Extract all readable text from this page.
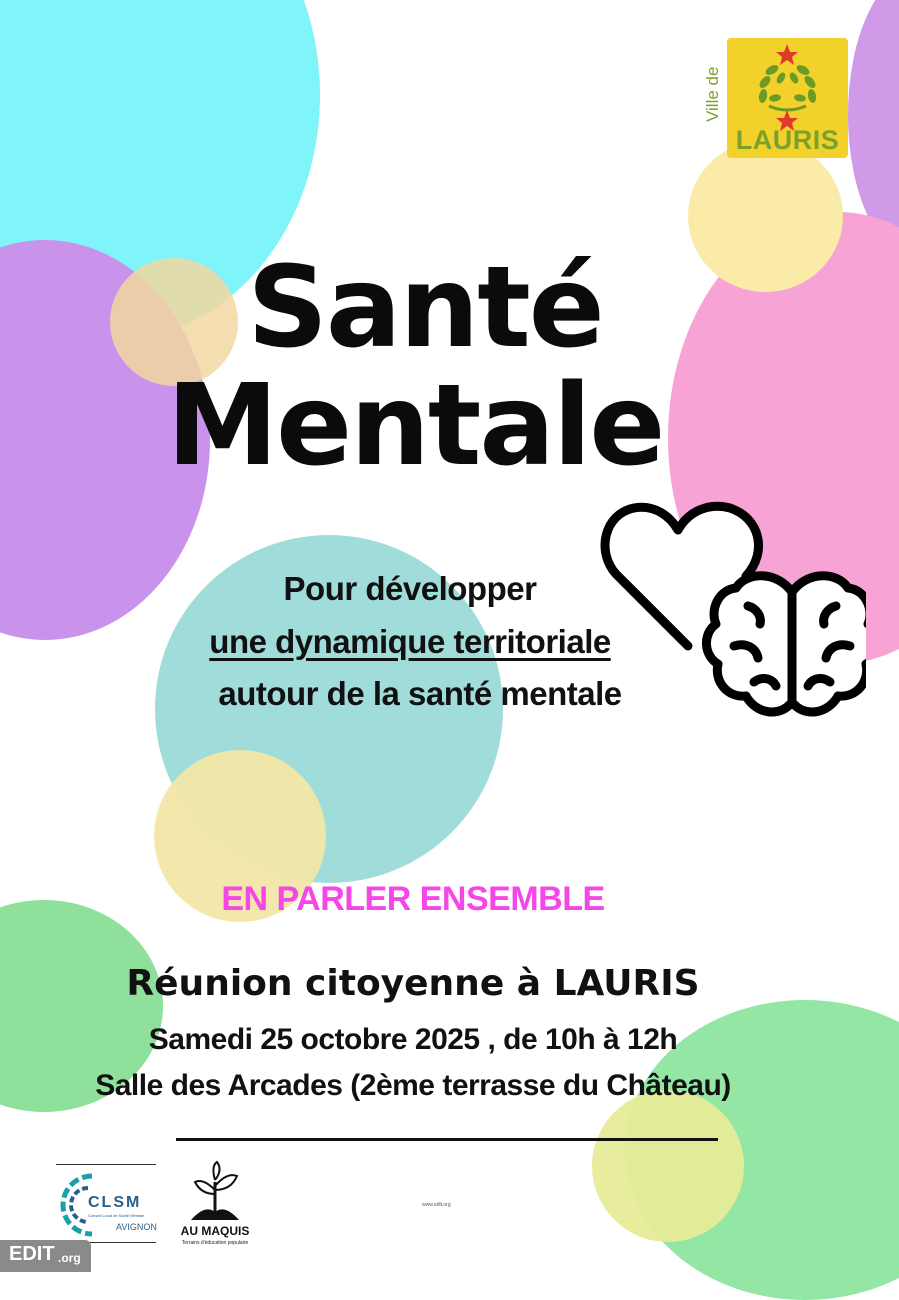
Ville de
LAURIS
Santé
Mentale
Pour développer
une dynamique territoriale
autour de la santé mentale
EN PARLER ENSEMBLE
Réunion citoyenne à LAURIS
Samedi 25 octobre 2025 , de 10h à 12h
Salle des Arcades (2ème terrasse du Château)
CLSM
Conseil Local de Santé Mentale
AVIGNON	AU MAQUIS
Terrains d'éducation populaire
www.edit.org
EDIT .org
